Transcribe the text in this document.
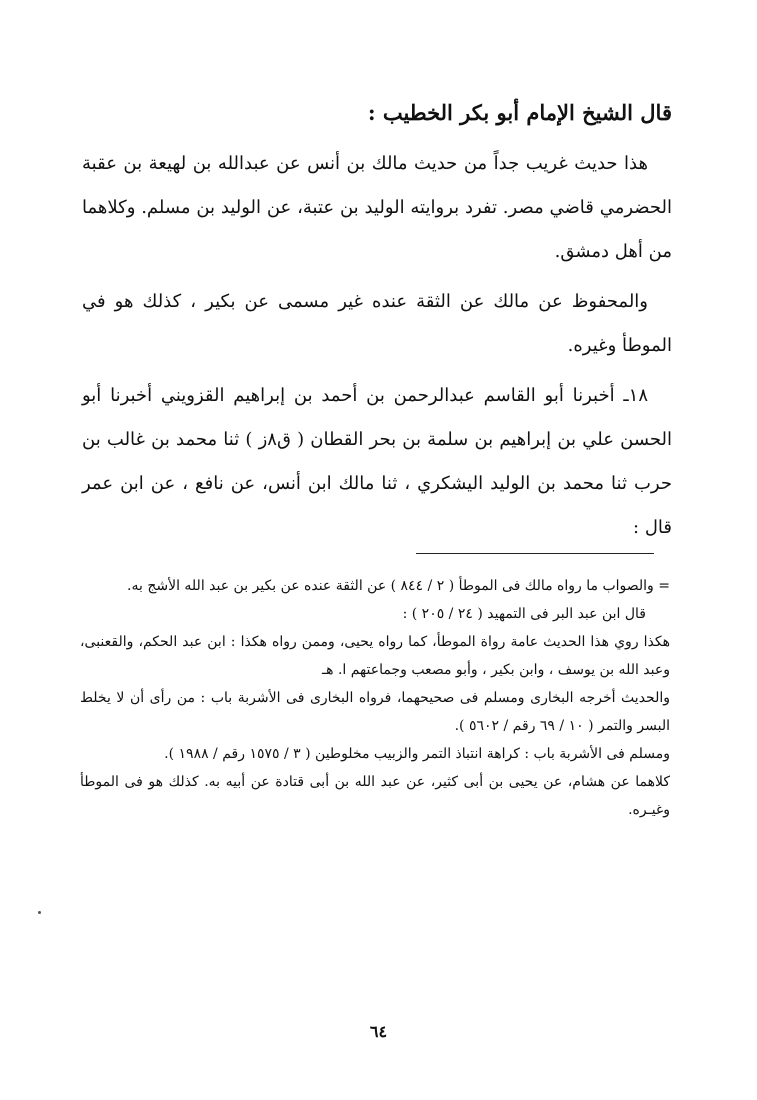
قال الشيخ الإمام أبو بكر الخطيب :

هذا حديث غريب جداً من حديث مالك بن أنس عن عبدالله بن لهيعة بن عقبة الحضرمي قاضي مصر. تفرد بروايته الوليد بن عتبة، عن الوليد بن مسلم. وكلاهما من أهل دمشق.

والمحفوظ عن مالك عن الثقة عنده غير مسمى عن بكير ، كذلك هو في الموطأ وغيره.

١٨ـ أخبرنا أبو القاسم عبدالرحمن بن أحمد بن إبراهيم القزويني أخبرنا أبو الحسن علي بن إبراهيم بن سلمة بن بحر القطان ( ق٨ز ) ثنا محمد بن غالب بن حرب ثنا محمد بن الوليد اليشكري ، ثنا مالك ابن أنس، عن نافع ، عن ابن عمر قال :

= والصواب ما رواه مالك فى الموطأ ( ٢ / ٨٤٤ ) عن الثقة عنده عن بكير بن عبد الله الأشج به.

قال ابن عبد البر فى التمهيد ( ٢٤ / ٢٠٥ ) :

هكذا روي هذا الحديث عامة رواة الموطأ، كما رواه يحيى، وممن رواه هكذا : ابن عبد الحكم، والقعنبى، وعبد الله بن يوسف ، وابن بكير ، وأبو مصعب وجماعتهم ا. هـ

والحديث أخرجه البخارى ومسلم فى صحيحهما، فرواه البخارى فى الأشربة باب : من رأى أن لا يخلط البسر والتمر ( ١٠ / ٦٩ رقم / ٥٦٠٢ ).

ومسلم فى الأشربة باب : كراهة انتباذ التمر والزبيب مخلوطين ( ٣ / ١٥٧٥ رقم / ١٩٨٨ ).

كلاهما عن هشام، عن يحيى بن أبى كثير، عن عبد الله بن أبى قتادة عن أبيه به. كذلك هو فى الموطأ وغيـره.

٦٤
